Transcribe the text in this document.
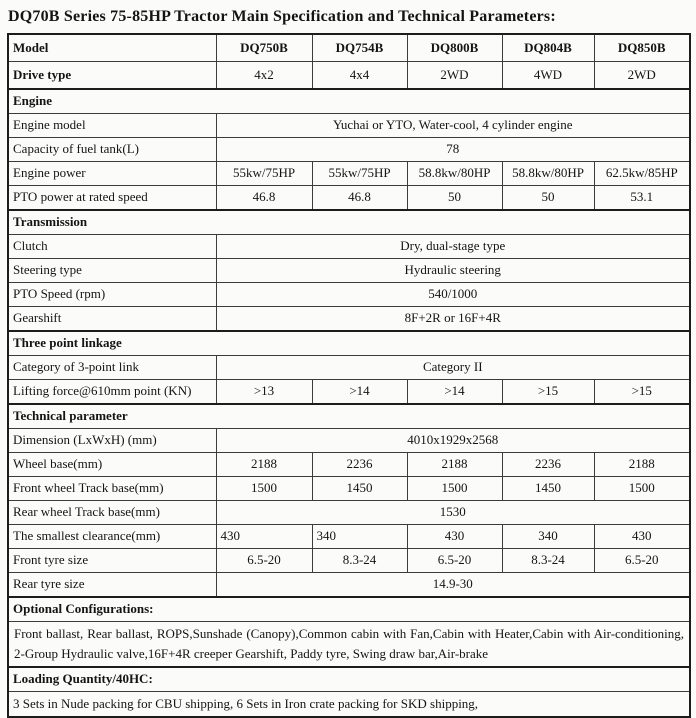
DQ70B Series 75-85HP Tractor Main Specification and Technical Parameters:
Model	DQ750B	DQ754B	DQ800B	DQ804B	DQ850B
Drive type	4x2	4x4	2WD	4WD	2WD
Engine					
Engine model	Yuchai or YTO, Water-cool, 4 cylinder engine				
Capacity of fuel tank(L)	78				
Engine power	55kw/75HP	55kw/75HP	58.8kw/80HP	58.8kw/80HP	62.5kw/85HP
PTO power at rated speed	46.8	46.8	50	50	53.1
Transmission					
Clutch	Dry, dual-stage type				
Steering type	Hydraulic steering				
PTO Speed (rpm)	540/1000				
Gearshift	8F+2R or 16F+4R				
Three point linkage					
Category of 3-point link	Category II				
Lifting force@610mm point (KN)	>13	>14	>14	>15	>15
Technical parameter					
Dimension (LxWxH) (mm)	4010x1929x2568				
Wheel base(mm)	2188	2236	2188	2236	2188
Front wheel Track base(mm)	1500	1450	1500	1450	1500
Rear wheel Track base(mm)	1530				
The smallest clearance(mm)	430	340	430	340	430
Front tyre size	6.5-20	8.3-24	6.5-20	8.3-24	6.5-20
Rear tyre size	14.9-30				
Optional Configurations:					
Front ballast, Rear ballast, ROPS,Sunshade (Canopy),Common cabin with Fan,Cabin with Heater,Cabin with Air-conditioning, 2-Group Hydraulic valve,16F+4R creeper Gearshift, Paddy tyre, Swing draw bar,Air-brake					
Loading Quantity/40HC:					
3 Sets in Nude packing for CBU shipping, 6 Sets in Iron crate packing for SKD shipping,					
